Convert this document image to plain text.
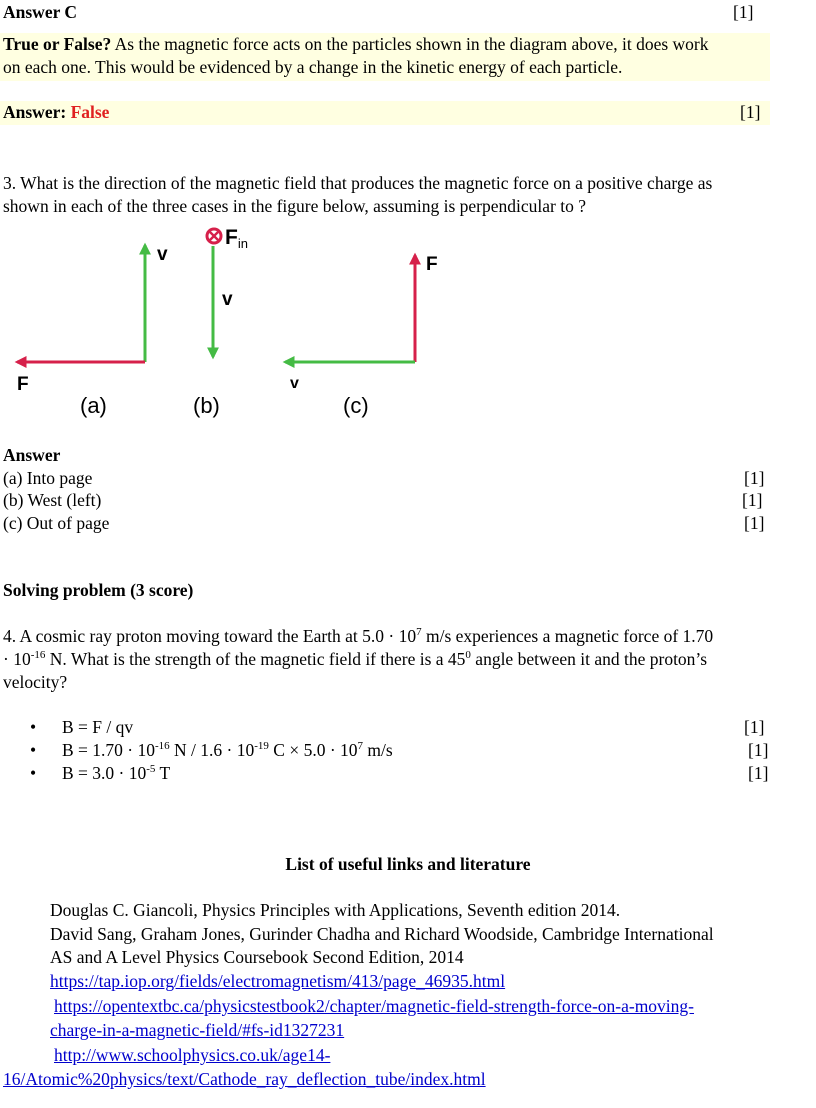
Answer C	[1]
True or False? As the magnetic force acts on the particles shown in the diagram above, it does work
on each one. This would be evidenced by a change in the kinetic energy of each particle.
Answer: False	[1]
3. What is the direction of the magnetic field that produces the magnetic force on a positive charge as
shown in each of the three cases in the figure below, assuming is perpendicular to ?
v
F
(a)
Fin
v
(b)
F
v
(c)
Answer
(a) Into page	[1]
(b) West (left)	[1]
(c) Out of page	[1]
Solving problem (3 score)
4. A cosmic ray proton moving toward the Earth at $5.0 \cdot 10^7$ m/s experiences a magnetic force of 1.70
· $10^{-16}$ N. What is the strength of the magnetic field if there is a $45^0$ angle between it and the proton’s
velocity?
• B = F / qv	[1]
• $B = 1.70 \cdot 10^{-16}$ $N / 1.6 \cdot 10^{-19}$ $C \times 5.0 \cdot 10^7$ m/s	[1]
• $B = 3.0 \cdot 10^{-5}$ T	[1]
List of useful links and literature
Douglas C. Giancoli, Physics Principles with Applications, Seventh edition 2014.
David Sang, Graham Jones, Gurinder Chadha and Richard Woodside, Cambridge International
AS and A Level Physics Coursebook Second Edition, 2014
https://tap.iop.org/fields/electromagnetism/413/page_46935.html
https://opentextbc.ca/physicstestbook2/chapter/magnetic-field-strength-force-on-a-moving-
charge-in-a-magnetic-field/#fs-id1327231
http://www.schoolphysics.co.uk/age14-
16/Atomic%20physics/text/Cathode_ray_deflection_tube/index.html
